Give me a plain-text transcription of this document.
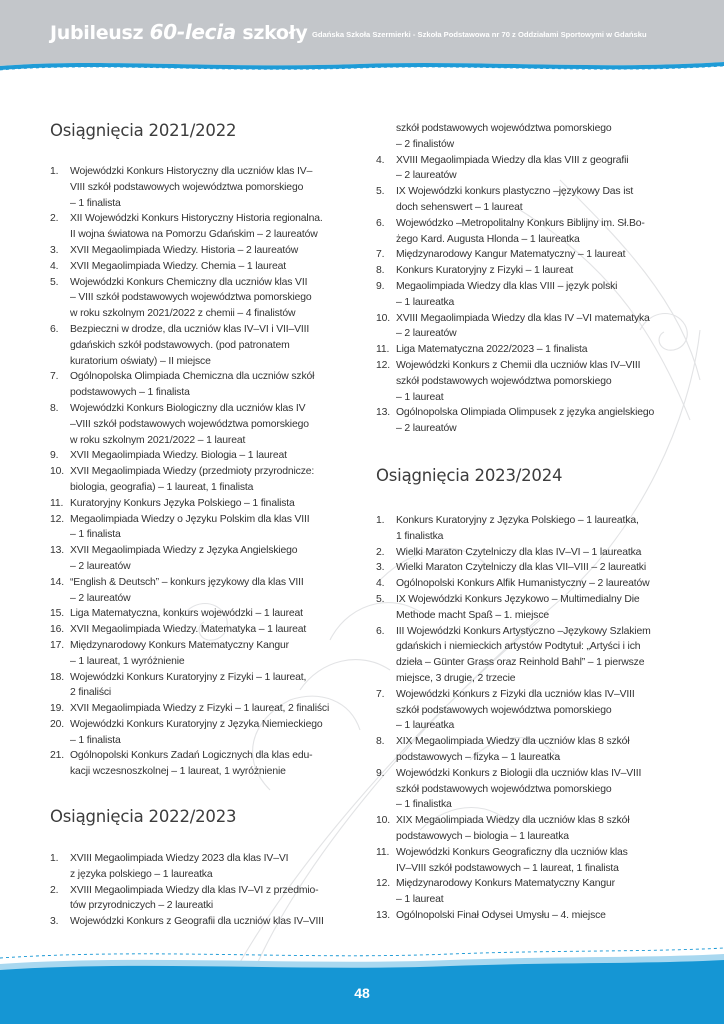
Jubileusz 60-lecia szkoły Gdańska Szkoła Szermierki - Szkoła Podstawowa nr 70 z Oddziałami Sportowymi w Gdańsku
Osiągnięcia 2021/2022
1. Wojewódzki Konkurs Historyczny dla uczniów klas IV–
VIII szkół podstawowych województwa pomorskiego
– 1 finalista
2. XII Wojewódzki Konkurs Historyczny Historia regionalna.
II wojna światowa na Pomorzu Gdańskim – 2 laureatów
3. XVII Megaolimpiada Wiedzy. Historia – 2 laureatów
4. XVII Megaolimpiada Wiedzy. Chemia – 1 laureat
5. Wojewódzki Konkurs Chemiczny dla uczniów klas VII
– VIII szkół podstawowych województwa pomorskiego
w roku szkolnym 2021/2022 z chemii – 4 finalistów
6. Bezpieczni w drodze, dla uczniów klas IV–VI i VII–VIII
gdańskich szkół podstawowych. (pod patronatem
kuratorium oświaty) – II miejsce
7. Ogólnopolska Olimpiada Chemiczna dla uczniów szkół
podstawowych – 1 finalista
8. Wojewódzki Konkurs Biologiczny dla uczniów klas IV
–VIII szkół podstawowych województwa pomorskiego
w roku szkolnym 2021/2022 – 1 laureat
9. XVII Megaolimpiada Wiedzy. Biologia – 1 laureat
10. XVII Megaolimpiada Wiedzy (przedmioty przyrodnicze:
biologia, geografia) – 1 laureat, 1 finalista
11. Kuratoryjny Konkurs Języka Polskiego – 1 finalista
12. Megaolimpiada Wiedzy o Języku Polskim dla klas VIII
– 1 finalista
13. XVII Megaolimpiada Wiedzy z Języka Angielskiego
– 2 laureatów
14. “English & Deutsch” – konkurs językowy dla klas VIII
– 2 laureatów
15. Liga Matematyczna, konkurs wojewódzki – 1 laureat
16. XVII Megaolimpiada Wiedzy. Matematyka – 1 laureat
17. Międzynarodowy Konkurs Matematyczny Kangur
– 1 laureat, 1 wyróżnienie
18. Wojewódzki Konkurs Kuratoryjny z Fizyki – 1 laureat,
2 finaliści
19. XVII Megaolimpiada Wiedzy z Fizyki – 1 laureat, 2 finaliści
20. Wojewódzki Konkurs Kuratoryjny z Języka Niemieckiego
– 1 finalista
21. Ogólnopolski Konkurs Zadań Logicznych dla klas edu-
kacji wczesnoszkolnej – 1 laureat, 1 wyróżnienie
Osiągnięcia 2022/2023
1. XVIII Megaolimpiada Wiedzy 2023 dla klas IV–VI
z języka polskiego – 1 laureatka
2. XVIII Megaolimpiada Wiedzy dla klas IV–VI z przedmio-
tów przyrodniczych – 2 laureatki
3. Wojewódzki Konkurs z Geografii dla uczniów klas IV–VIII
szkół podstawowych województwa pomorskiego
– 2 finalistów
4. XVIII Megaolimpiada Wiedzy dla klas VIII z geografii
– 2 laureatów
5. IX Wojewódzki konkurs plastyczno –językowy Das ist
doch sehenswert – 1 laureat
6. Wojewódzko –Metropolitalny Konkurs Biblijny im. Sł.Bo-
żego Kard. Augusta Hlonda – 1 laureatka
7. Międzynarodowy Kangur Matematyczny – 1 laureat
8. Konkurs Kuratoryjny z Fizyki – 1 laureat
9. Megaolimpiada Wiedzy dla klas VIII – język polski
– 1 laureatka
10. XVIII Megaolimpiada Wiedzy dla klas IV –VI matematyka
– 2 laureatów
11. Liga Matematyczna 2022/2023 – 1 finalista
12. Wojewódzki Konkurs z Chemii dla uczniów klas IV–VIII
szkół podstawowych województwa pomorskiego
– 1 laureat
13. Ogólnopolska Olimpiada Olimpusek z języka angielskiego
– 2 laureatów
Osiągnięcia 2023/2024
1. Konkurs Kuratoryjny z Języka Polskiego – 1 laureatka,
1 finalistka
2. Wielki Maraton Czytelniczy dla klas IV–VI – 1 laureatka
3. Wielki Maraton Czytelniczy dla klas VII–VIII – 2 laureatki
4. Ogólnopolski Konkurs Alfik Humanistyczny – 2 laureatów
5. IX Wojewódzki Konkurs Językowo – Multimedialny Die
Methode macht Spaß – 1. miejsce
6. III Wojewódzki Konkurs Artystyczno –Językowy Szlakiem
gdańskich i niemieckich artystów Podtytuł: „Artyści i ich
dzieła – Günter Grass oraz Reinhold Bahl” – 1 pierwsze
miejsce, 3 drugie, 2 trzecie
7. Wojewódzki Konkurs z Fizyki dla uczniów klas IV–VIII
szkół podstawowych województwa pomorskiego
– 1 laureatka
8. XIX Megaolimpiada Wiedzy dla uczniów klas 8 szkół
podstawowych – fizyka – 1 laureatka
9. Wojewódzki Konkurs z Biologii dla uczniów klas IV–VIII
szkół podstawowych województwa pomorskiego
– 1 finalistka
10. XIX Megaolimpiada Wiedzy dla uczniów klas 8 szkół
podstawowych – biologia – 1 laureatka
11. Wojewódzki Konkurs Geograficzny dla uczniów klas
IV–VIII szkół podstawowych – 1 laureat, 1 finalista
12. Międzynarodowy Konkurs Matematyczny Kangur
– 1 laureat
13. Ogólnopolski Finał Odysei Umysłu – 4. miejsce
48
